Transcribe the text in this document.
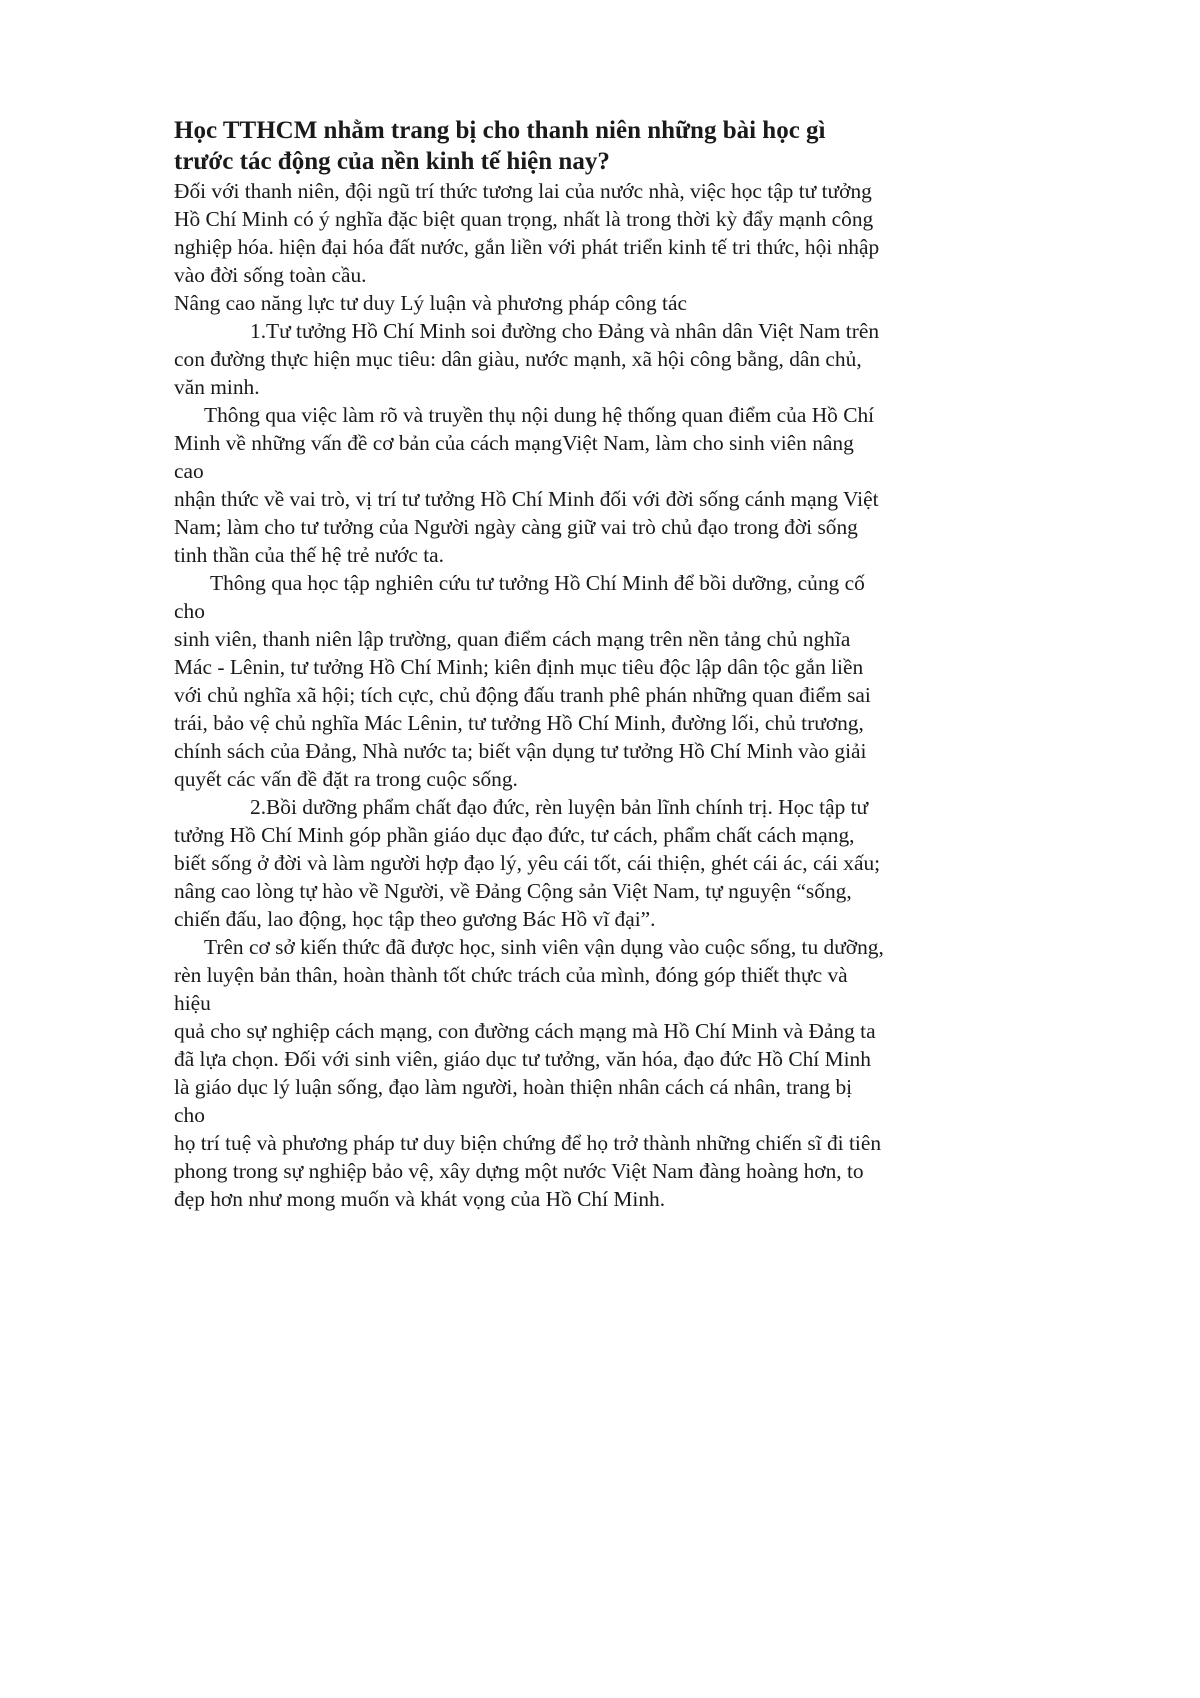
Học TTHCM nhằm trang bị cho thanh niên những bài học gì
trước tác động của nền kinh tế hiện nay?
Đối với thanh niên, đội ngũ trí thức tương lai của nước nhà, việc học tập tư tưởng
Hồ Chí Minh có ý nghĩa đặc biệt quan trọng, nhất là trong thời kỳ đẩy mạnh công
nghiệp hóa. hiện đại hóa đất nước, gắn liền với phát triển kinh tế tri thức, hội nhập
vào đời sống toàn cầu.
Nâng cao năng lực tư duy Lý luận và phương pháp công tác
1.Tư tưởng Hồ Chí Minh soi đường cho Đảng và nhân dân Việt Nam trên
con đường thực hiện mục tiêu: dân giàu, nước mạnh, xã hội công bằng, dân chủ,
văn minh.
Thông qua việc làm rõ và truyền thụ nội dung hệ thống quan điểm của Hồ Chí
Minh về những vấn đề cơ bản của cách mạngViệt Nam, làm cho sinh viên nâng
cao
nhận thức về vai trò, vị trí tư tưởng Hồ Chí Minh đối với đời sống cánh mạng Việt
Nam; làm cho tư tưởng của Người ngày càng giữ vai trò chủ đạo trong đời sống
tinh thần của thế hệ trẻ nước ta.
Thông qua học tập nghiên cứu tư tưởng Hồ Chí Minh để bồi dưỡng, củng cố
cho
sinh viên, thanh niên lập trường, quan điểm cách mạng trên nền tảng chủ nghĩa
Mác - Lênin, tư tưởng Hồ Chí Minh; kiên định mục tiêu độc lập dân tộc gắn liền
với chủ nghĩa xã hội; tích cực, chủ động đấu tranh phê phán những quan điểm sai
trái, bảo vệ chủ nghĩa Mác Lênin, tư tưởng Hồ Chí Minh, đường lối, chủ trương,
chính sách của Đảng, Nhà nước ta; biết vận dụng tư tưởng Hồ Chí Minh vào giải
quyết các vấn đề đặt ra trong cuộc sống.
2.Bồi dưỡng phẩm chất đạo đức, rèn luyện bản lĩnh chính trị. Học tập tư
tưởng Hồ Chí Minh góp phần giáo dục đạo đức, tư cách, phẩm chất cách mạng,
biết sống ở đời và làm người hợp đạo lý, yêu cái tốt, cái thiện, ghét cái ác, cái xấu;
nâng cao lòng tự hào về Người, về Đảng Cộng sản Việt Nam, tự nguyện “sống,
chiến đấu, lao động, học tập theo gương Bác Hồ vĩ đại”.
Trên cơ sở kiến thức đã được học, sinh viên vận dụng vào cuộc sống, tu dưỡng,
rèn luyện bản thân, hoàn thành tốt chức trách của mình, đóng góp thiết thực và
hiệu
quả cho sự nghiệp cách mạng, con đường cách mạng mà Hồ Chí Minh và Đảng ta
đã lựa chọn. Đối với sinh viên, giáo dục tư tưởng, văn hóa, đạo đức Hồ Chí Minh
là giáo dục lý luận sống, đạo làm người, hoàn thiện nhân cách cá nhân, trang bị
cho
họ trí tuệ và phương pháp tư duy biện chứng để họ trở thành những chiến sĩ đi tiên
phong trong sự nghiệp bảo vệ, xây dựng một nước Việt Nam đàng hoàng hơn, to
đẹp hơn như mong muốn và khát vọng của Hồ Chí Minh.
